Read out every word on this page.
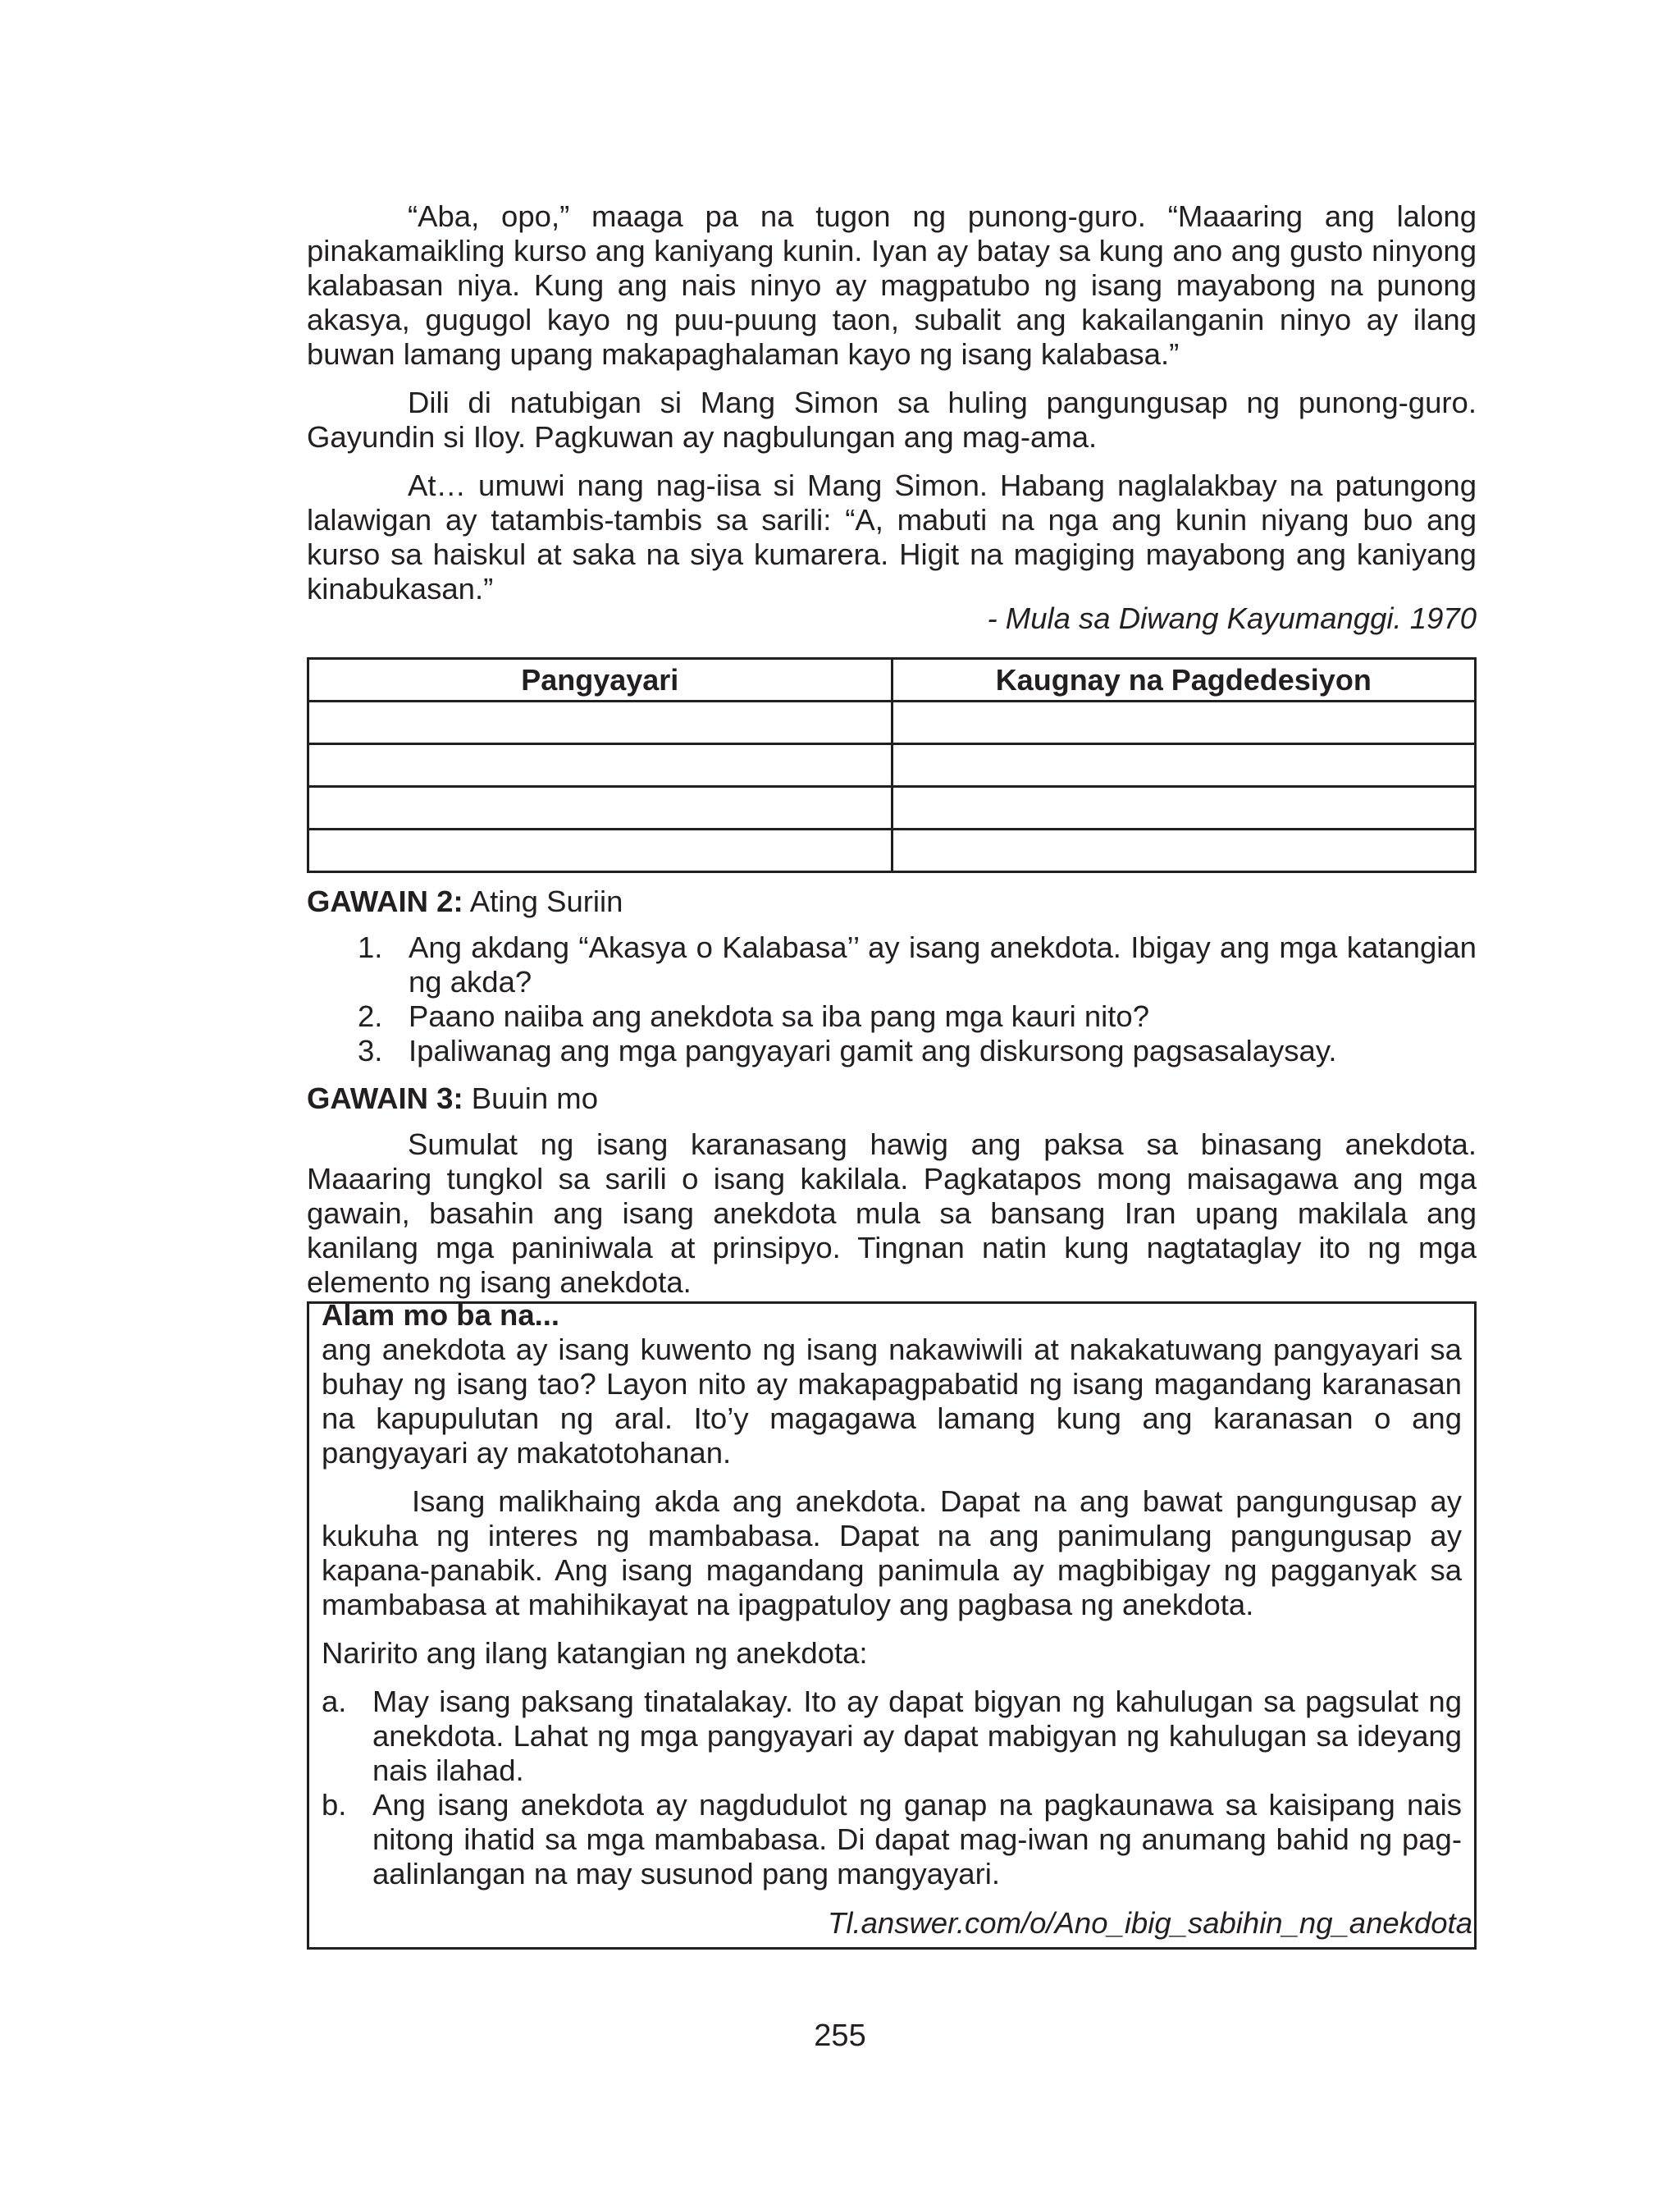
“Aba, opo,” maaga pa na tugon ng punong-guro. “Maaaring ang lalong pinakamaikling kurso ang kaniyang kunin. Iyan ay batay sa kung ano ang gusto ninyong kalabasan niya. Kung ang nais ninyo ay magpatubo ng isang mayabong na punong akasya, gugugol kayo ng puu-puung taon, subalit ang kakailanganin ninyo ay ilang buwan lamang upang makapaghalaman kayo ng isang kalabasa.”

Dili di natubigan si Mang Simon sa huling pangungusap ng punong-guro. Gayundin si Iloy. Pagkuwan ay nagbulungan ang mag-ama.

At… umuwi nang nag-iisa si Mang Simon. Habang naglalakbay na patungong lalawigan ay tatambis-tambis sa sarili: “A, mabuti na nga ang kunin niyang buo ang kurso sa haiskul at saka na siya kumarera. Higit na magiging mayabong ang kaniyang kinabukasan.”

- Mula sa Diwang Kayumanggi. 1970
Pangyayari	Kaugnay na Pagdedesiyon

GAWAIN 2: Ating Suriin
1. Ang akdang “Akasya o Kalabasa’’ ay isang anekdota. Ibigay ang mga katangian ng akda?
2. Paano naiiba ang anekdota sa iba pang mga kauri nito?
3. Ipaliwanag ang mga pangyayari gamit ang diskursong pagsasalaysay.
GAWAIN 3: Buuin mo

Sumulat ng isang karanasang hawig ang paksa sa binasang anekdota. Maaaring tungkol sa sarili o isang kakilala. Pagkatapos mong maisagawa ang mga gawain, basahin ang isang anekdota mula sa bansang Iran upang makilala ang kanilang mga paniniwala at prinsipyo. Tingnan natin kung nagtataglay ito ng mga elemento ng isang anekdota.

Alam mo ba na...

ang anekdota ay isang kuwento ng isang nakawiwili at nakakatuwang pangyayari sa buhay ng isang tao? Layon nito ay makapagpabatid ng isang magandang karanasan na kapupulutan ng aral. Ito’y magagawa lamang kung ang karanasan o ang pangyayari ay makatotohanan.

Isang malikhaing akda ang anekdota. Dapat na ang bawat pangungusap ay kukuha ng interes ng mambabasa. Dapat na ang panimulang pangungusap ay kapana-panabik. Ang isang magandang panimula ay magbibigay ng pagganyak sa mambabasa at mahihikayat na ipagpatuloy ang pagbasa ng anekdota.

Naririto ang ilang katangian ng anekdota:

a. May isang paksang tinatalakay. Ito ay dapat bigyan ng kahulugan sa pagsulat ng anekdota. Lahat ng mga pangyayari ay dapat mabigyan ng kahulugan sa ideyang nais ilahad.
b. Ang isang anekdota ay nagdudulot ng ganap na pagkaunawa sa kaisipang nais nitong ihatid sa mga mambabasa. Di dapat mag-iwan ng anumang bahid ng pag-aalinlangan na may susunod pang mangyayari.
Tl.answer.com/o/Ano_ibig_sabihin_ng_anekdota
255
